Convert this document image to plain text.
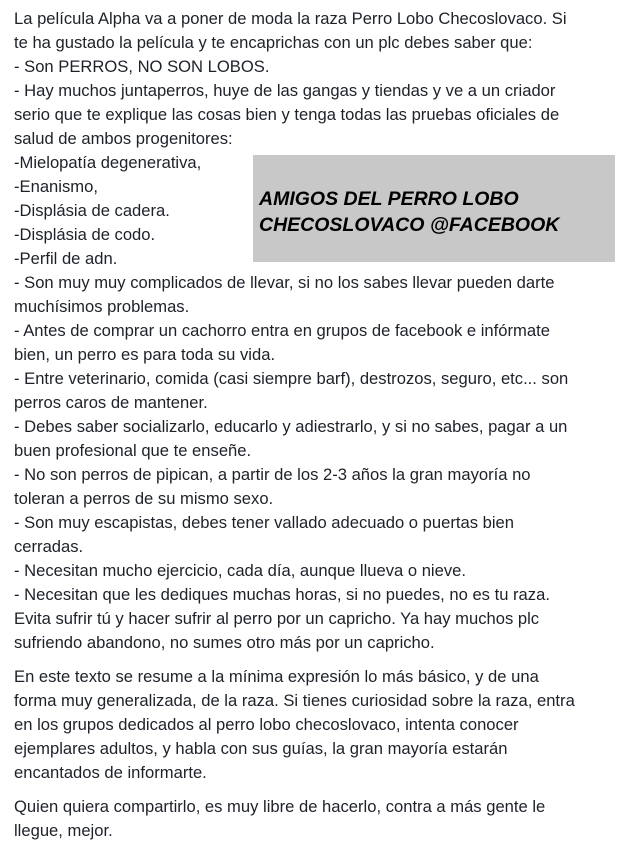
La película Alpha va a poner de moda la raza Perro Lobo Checoslovaco. Si
te ha gustado la película y te encaprichas con un plc debes saber que:
- Son PERROS, NO SON LOBOS.
- Hay muchos juntaperros, huye de las gangas y tiendas y ve a un criador
serio que te explique las cosas bien y tenga todas las pruebas oficiales de
salud de ambos progenitores:
-Mielopatía degenerativa,
-Enanismo,
-Displásia de cadera.
-Displásia de codo.
-Perfil de adn.
- Son muy muy complicados de llevar, si no los sabes llevar pueden darte
muchísimos problemas.
- Antes de comprar un cachorro entra en grupos de facebook e infórmate
bien, un perro es para toda su vida.
- Entre veterinario, comida (casi siempre barf), destrozos, seguro, etc... son
perros caros de mantener.
- Debes saber socializarlo, educarlo y adiestrarlo, y si no sabes, pagar a un
buen profesional que te enseñe.
- No son perros de pipican, a partir de los 2-3 años la gran mayoría no
toleran a perros de su mismo sexo.
- Son muy escapistas, debes tener vallado adecuado o puertas bien
cerradas.
- Necesitan mucho ejercicio, cada día, aunque llueva o nieve.
- Necesitan que les dediques muchas horas, si no puedes, no es tu raza.
Evita sufrir tú y hacer sufrir al perro por un capricho. Ya hay muchos plc
sufriendo abandono, no sumes otro más por un capricho.
En este texto se resume a la mínima expresión lo más básico, y de una
forma muy generalizada, de la raza. Si tienes curiosidad sobre la raza, entra
en los grupos dedicados al perro lobo checoslovaco, intenta conocer
ejemplares adultos, y habla con sus guías, la gran mayoría estarán
encantados de informarte.
Quien quiera compartirlo, es muy libre de hacerlo, contra a más gente le
llegue, mejor.
AMIGOS DEL PERRO LOBO
CHECOSLOVACO @FACEBOOK
